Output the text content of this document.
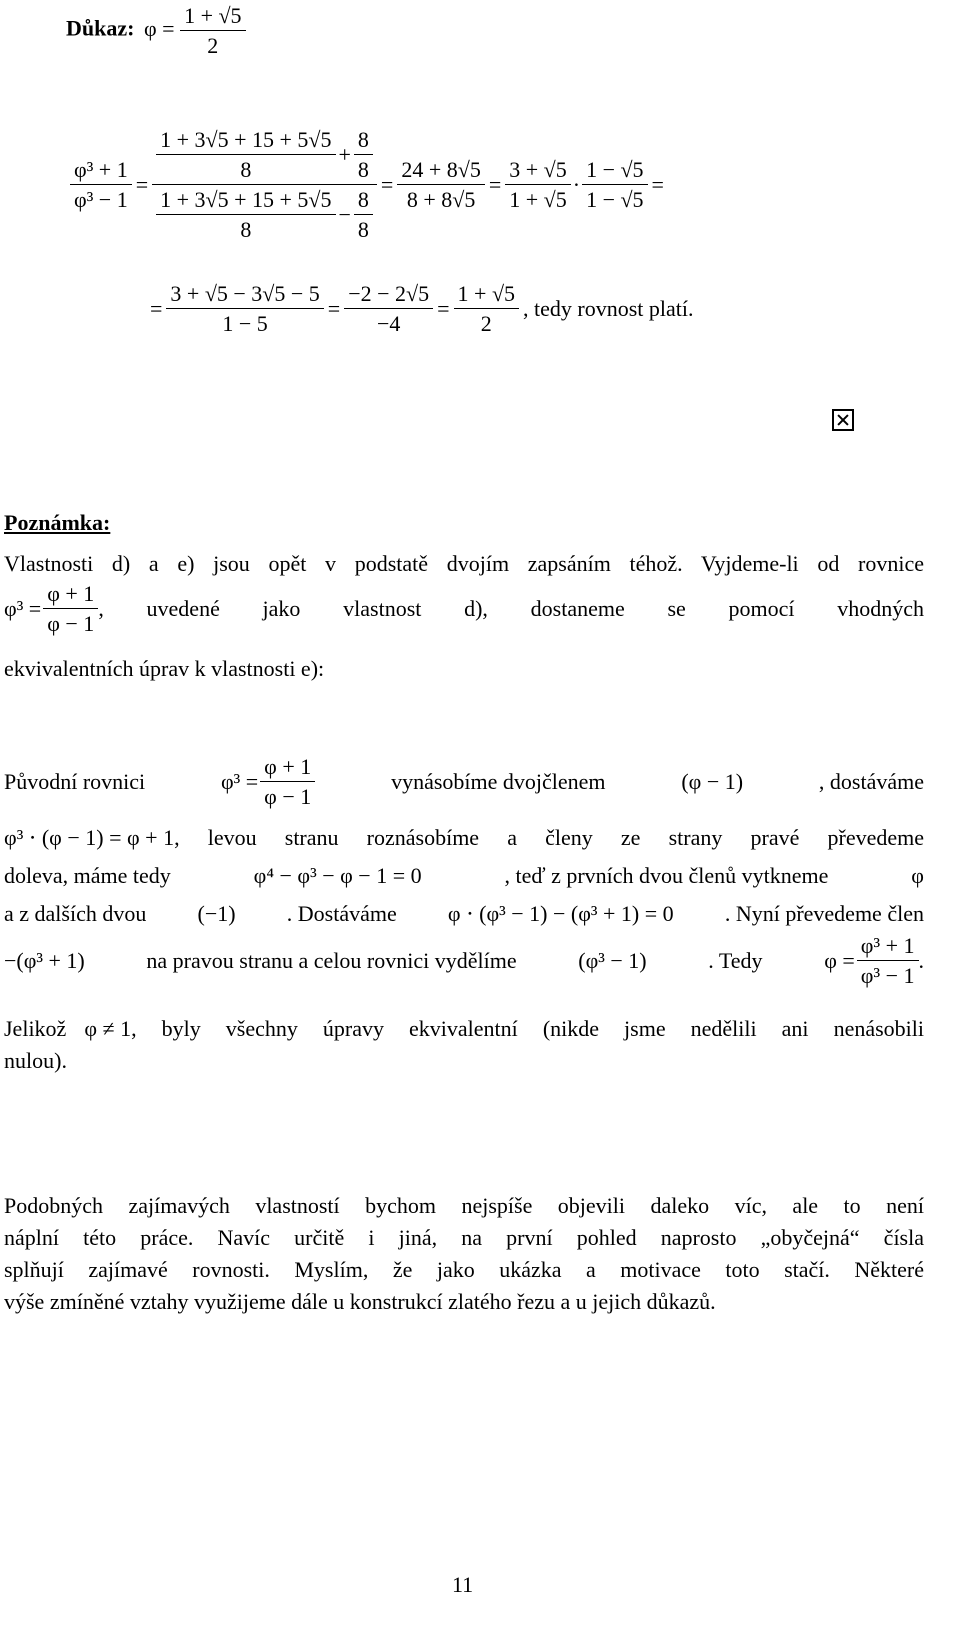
Důkaz: $\varphi = \frac{1 + √5}{2}$
$\frac{\text{φ³ + 1}}{\text{φ³ − 1}}$ =
$\frac{1 + 3√5 + 15 + 5√5}{8} + \frac{8}{8}$
1 + 3√5 + 15 + 5√5
8
− $\frac{8}{8}$
= $\frac{24 + 8√5}{8 + 8√5} = \frac{3 + √5}{1 + √5} \cdot \frac{1 - √5}{1 - √5}$ =
= $\frac{3 + √5 - 3√5 - 5}{1 - 5} = \frac{-2 - 2√5}{-4} = \frac{1 + √5}{2}$ , tedy rovnost platí.
Poznámka:
Vlastnosti d) a e) jsou opět v podstatě dvojím zapsáním téhož. Vyjdeme-li od rovnice
$\varphi^3 = \frac{\varphi + 1}{\varphi - 1}$ , uvedené jako vlastnost d), dostaneme se pomocí vhodných
ekvivalentních úprav k vlastnosti e):
Původní rovnici	$\varphi^3 = \frac{\varphi + 1}{\varphi - 1}$	vynásobíme dvojčlenem	(φ − 1)	, dostáváme
φ³ ⋅ (φ − 1) = φ + 1 , levou stranu roznásobíme a členy ze strany pravé převedeme
doleva, máme tedy	φ⁴ − φ³ − φ − 1 = 0	, teď z prvních dvou členů vytkneme	φ
a z dalších dvou (−1) . Dostáváme φ ⋅ (φ³ − 1) − (φ³ + 1) = 0 . Nyní převedeme člen
−(φ³ + 1)	na pravou stranu a celou rovnici vydělíme	(φ³ − 1)	. Tedy	$\varphi = \frac{\text{φ³ + 1}}{\text{φ³ − 1}}$ .
Jelikož φ ≠ 1 , byly všechny úpravy ekvivalentní (nikde jsme nedělili ani nenásobili
nulou).
Podobných zajímavých vlastností bychom nejspíše objevili daleko víc, ale to není
náplní této práce. Navíc určitě i jiná, na první pohled naprosto „obyčejná“ čísla
splňují zajímavé rovnosti. Myslím, že jako ukázka a motivace toto stačí. Některé
výše zmíněné vztahy využijeme dále u konstrukcí zlatého řezu a u jejich důkazů.
11
